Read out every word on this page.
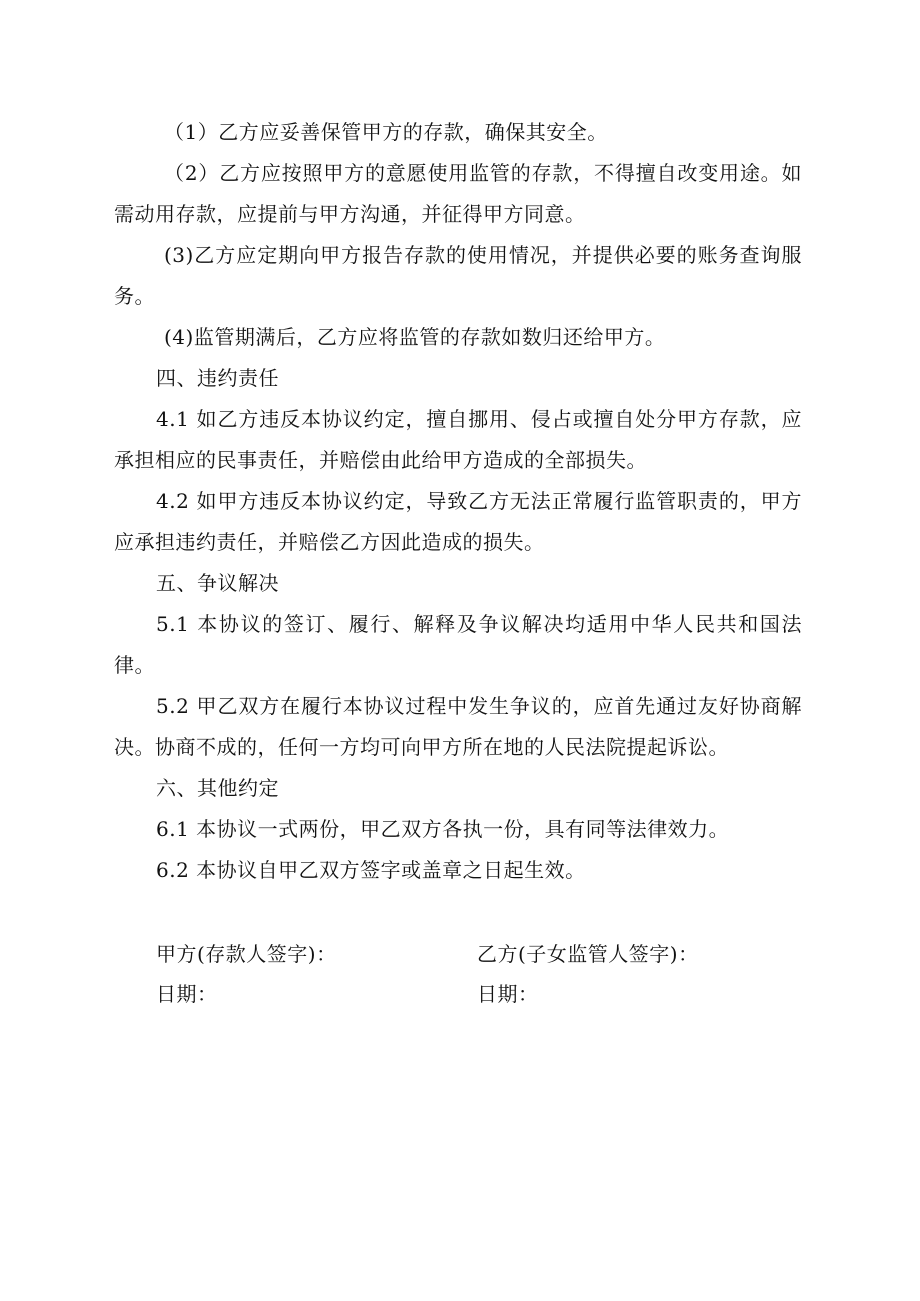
（1）乙方应妥善保管甲方的存款，确保其安全。

（2）乙方应按照甲方的意愿使用监管的存款，不得擅自改变用途。如需动用存款，应提前与甲方沟通，并征得甲方同意。

(3)乙方应定期向甲方报告存款的使用情况，并提供必要的账务查询服务。

(4)监管期满后，乙方应将监管的存款如数归还给甲方。

四、违约责任

4.1 如乙方违反本协议约定，擅自挪用、侵占或擅自处分甲方存款，应承担相应的民事责任，并赔偿由此给甲方造成的全部损失。

4.2 如甲方违反本协议约定，导致乙方无法正常履行监管职责的，甲方应承担违约责任，并赔偿乙方因此造成的损失。

五、争议解决

5.1 本协议的签订、履行、解释及争议解决均适用中华人民共和国法律。

5.2 甲乙双方在履行本协议过程中发生争议的，应首先通过友好协商解决。协商不成的，任何一方均可向甲方所在地的人民法院提起诉讼。

六、其他约定

6.1 本协议一式两份，甲乙双方各执一份，具有同等法律效力。

6.2 本协议自甲乙双方签字或盖章之日起生效。

甲方(存款人签字)：	乙方(子女监管人签字)：
日期：	日期：
